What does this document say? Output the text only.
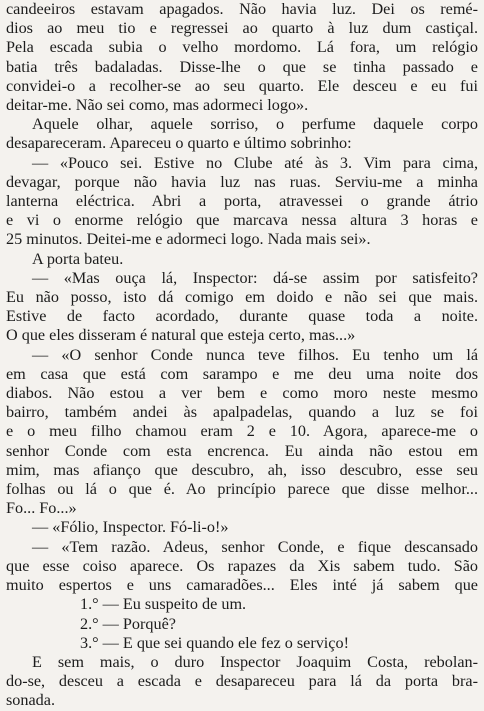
candeeiros estavam apagados. Não havia luz. Dei os remé-
dios ao meu tio e regressei ao quarto à luz dum castiçal.
Pela escada subia o velho mordomo. Lá fora, um relógio
batia três badaladas. Disse-lhe o que se tinha passado e
convidei-o a recolher-se ao seu quarto. Ele desceu e eu fui
deitar-me. Não sei como, mas adormeci logo».
Aquele olhar, aquele sorriso, o perfume daquele corpo
desapareceram. Apareceu o quarto e último sobrinho:
— «Pouco sei. Estive no Clube até às 3. Vim para cima,
devagar, porque não havia luz nas ruas. Serviu-me a minha
lanterna eléctrica. Abri a porta, atravessei o grande átrio
e vi o enorme relógio que marcava nessa altura 3 horas e
25 minutos. Deitei-me e adormeci logo. Nada mais sei».
A porta bateu.
— «Mas ouça lá, Inspector: dá-se assim por satisfeito?
Eu não posso, isto dá comigo em doido e não sei que mais.
Estive de facto acordado, durante quase toda a noite.
O que eles disseram é natural que esteja certo, mas...»
— «O senhor Conde nunca teve filhos. Eu tenho um lá
em casa que está com sarampo e me deu uma noite dos
diabos. Não estou a ver bem e como moro neste mesmo
bairro, também andei às apalpadelas, quando a luz se foi
e o meu filho chamou eram 2 e 10. Agora, aparece-me o
senhor Conde com esta encrenca. Eu ainda não estou em
mim, mas afianço que descubro, ah, isso descubro, esse seu
folhas ou lá o que é. Ao princípio parece que disse melhor...
Fo... Fo...»
— «Fólio, Inspector. Fó-li-o!»
— «Tem razão. Adeus, senhor Conde, e fique descansado
que esse coiso aparece. Os rapazes da Xis sabem tudo. São
muito espertos e uns camaradões... Eles inté já sabem que
1.° — Eu suspeito de um.
2.° — Porquê?
3.° — E que sei quando ele fez o serviço!
E sem mais, o duro Inspector Joaquim Costa, rebolan-
do-se, desceu a escada e desapareceu para lá da porta bra-
sonada.
